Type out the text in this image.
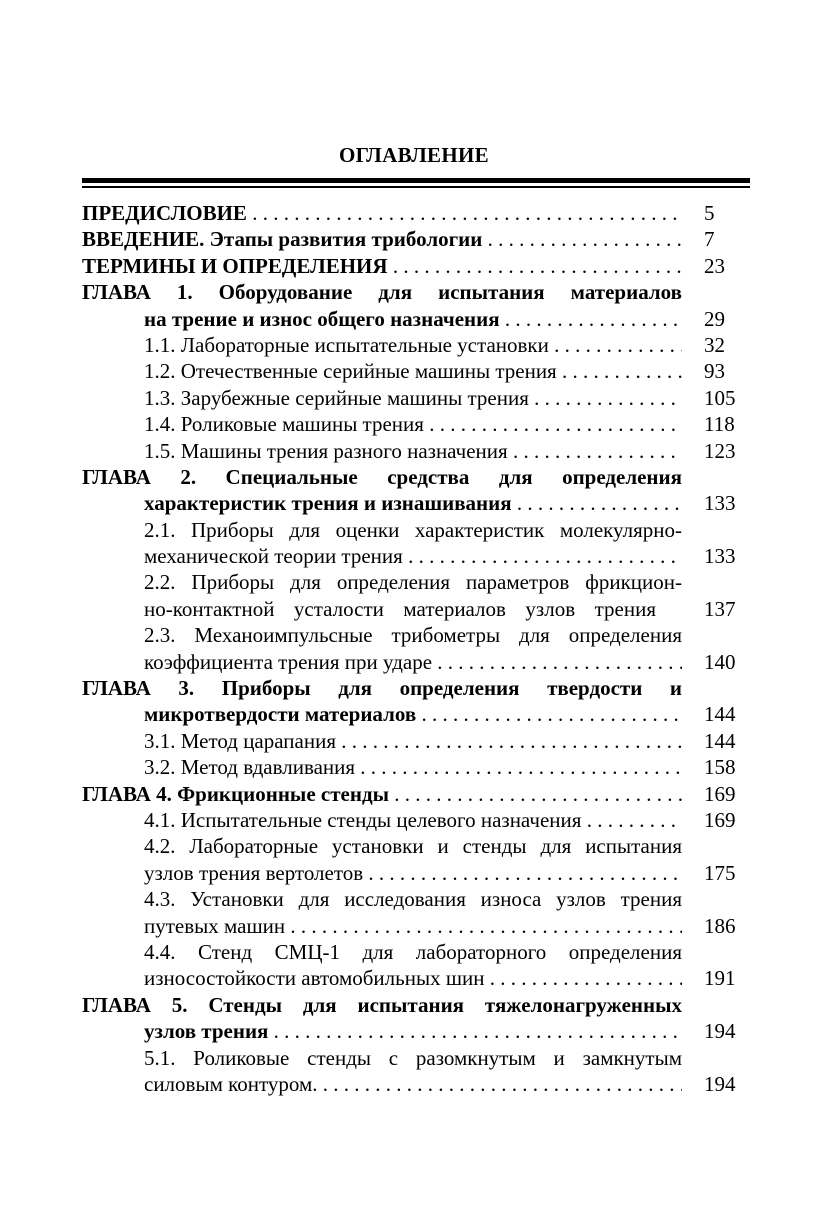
ОГЛАВЛЕНИЕ
ПРЕДИСЛОВИЕ . . .	5
ВВЕДЕНИЕ. Этапы развития трибологии . . .	7
ТЕРМИНЫ И ОПРЕДЕЛЕНИЯ . . .	23
ГЛАВА 1. Оборудование для испытания материалов
на трение и износ общего назначения . . .	29
1.1. Лабораторные испытательные установки . . .	32
1.2. Отечественные серийные машины трения . . .	93
1.3. Зарубежные серийные машины трения . . .	105
1.4. Роликовые машины трения . . .	118
1.5. Машины трения разного назначения . . .	123
ГЛАВА 2. Специальные средства для определения
характеристик трения и изнашивания . . .	133
2.1. Приборы для оценки характеристик молекулярно-
механической теории трения . . .	133
2.2. Приборы для определения параметров фрикцион-
но-контактной усталости материалов узлов трения 137
2.3. Механоимпульсные трибометры для определения
коэффициента трения при ударе . . .	140
ГЛАВА 3. Приборы для определения твердости и
микротвердости материалов . . .	144
3.1. Метод царапания . . .	144
3.2. Метод вдавливания . . .	158
ГЛАВА 4. Фрикционные стенды . . .	169
4.1. Испытательные стенды целевого назначения . . .	169
4.2. Лабораторные установки и стенды для испытания
узлов трения вертолетов . . .	175
4.3. Установки для исследования износа узлов трения
путевых машин . . .	186
4.4. Стенд СМЦ-1 для лабораторного определения
износостойкости автомобильных шин . . .	191
ГЛАВА 5. Стенды для испытания тяжелонагруженных
узлов трения . . .	194
5.1. Роликовые стенды с разомкнутым и замкнутым
силовым контуром. . . .	194
